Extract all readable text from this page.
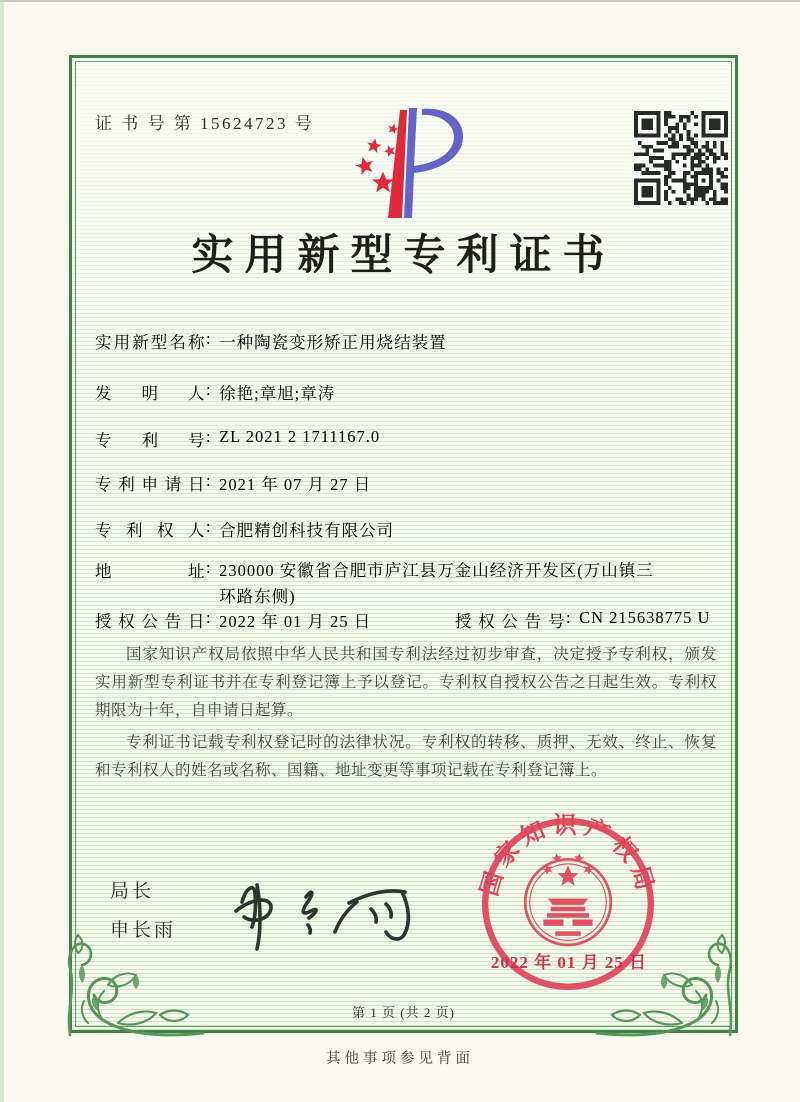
证 书 号 第 15624723 号
实用新型专利证书
实用新型名称: 一种陶瓷变形矫正用烧结装置
发明人: 徐艳;章旭;章涛
专利号: ZL 2021 2 1711167.0
专利申请日: 2021 年 07 月 27 日
专利权人: 合肥精创科技有限公司
地址: 230000 安徽省合肥市庐江县万金山经济开发区(万山镇三环路东侧)
授权公告日: 2022 年 01 月 25 日	授权公告号: CN 215638775 U

国家知识产权局依照中华人民共和国专利法经过初步审查，决定授予专利权，颁发实用新型专利证书并在专利登记簿上予以登记。专利权自授权公告之日起生效。专利权期限为十年，自申请日起算。

专利证书记载专利权登记时的法律状况。专利权的转移、质押、无效、终止、恢复和专利权人的姓名或名称、国籍、地址变更等事项记载在专利登记簿上。

局长
申长雨
国家知识产权局
2022 年 01 月 25 日
第 1 页 (共 2 页)
其他事项参见背面
